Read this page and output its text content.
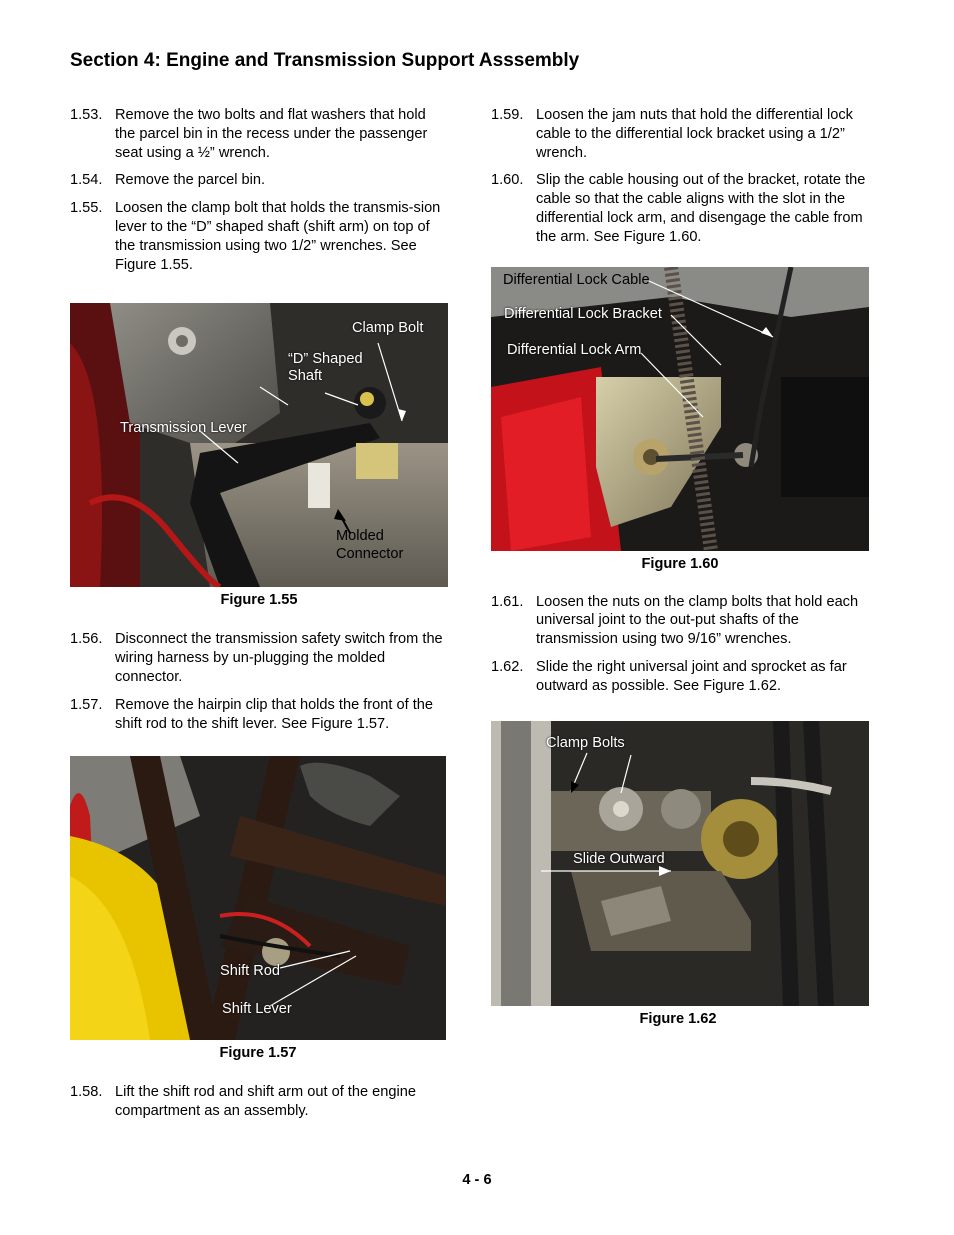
Section 4: Engine and Transmission Support Asssembly
1.53. Remove the two bolts and flat washers that hold the parcel bin in the recess under the passenger seat using a ½” wrench.
1.54. Remove the parcel bin.
1.55. Loosen the clamp bolt that holds the transmis-sion lever to the “D” shaped shaft (shift arm) on top of the transmission using two 1/2” wrenches. See Figure 1.55.
Clamp Bolt
“D” Shaped
Shaft
Transmission Lever
Molded
Connector

Figure 1.55

1.56. Disconnect the transmission safety switch from the wiring harness by un-plugging the molded connector.
1.57. Remove the hairpin clip that holds the front of the shift rod to the shift lever. See Figure 1.57.
Shift Rod
Shift Lever

Figure 1.57

1.58. Lift the shift rod and shift arm out of the engine compartment as an assembly.
1.59. Loosen the jam nuts that hold the differential lock cable to the differential lock bracket using a 1/2” wrench.
1.60. Slip the cable housing out of the bracket, rotate the cable so that the cable aligns with the slot in the differential lock arm, and disengage the cable from the arm. See Figure 1.60.
Differential Lock Cable
Differential Lock Bracket
Differential Lock Arm

Figure 1.60

1.61. Loosen the nuts on the clamp bolts that hold each universal joint to the out-put shafts of the transmission using two 9/16” wrenches.
1.62. Slide the right universal joint and sprocket as far outward as possible. See Figure 1.62.
Clamp Bolts
Slide Outward

Figure 1.62

4 - 6
